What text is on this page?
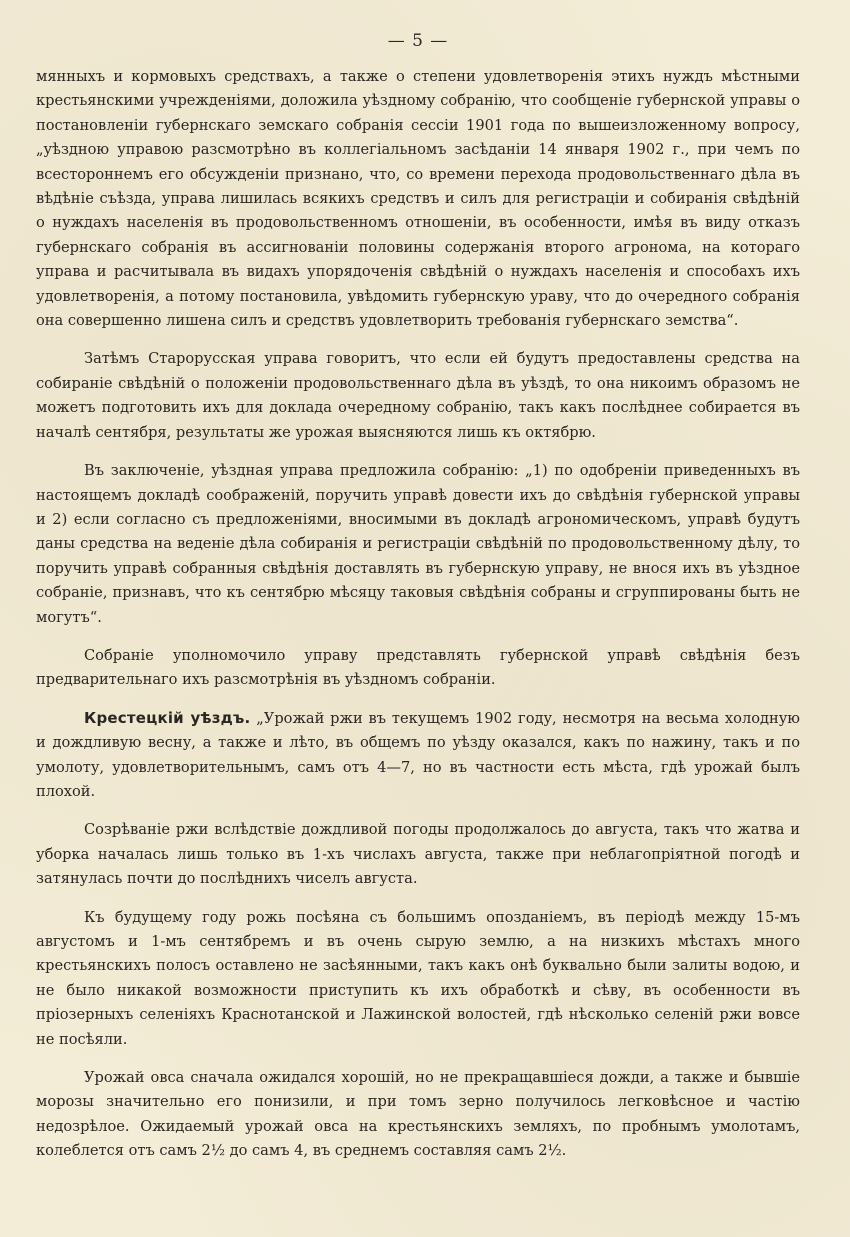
— 5 —

мянныхъ и кормовыхъ средствахъ, а также о степени удовлетворенія этихъ нуждъ мѣстными крестьянскими учрежденіями, доложила уѣздному собранію, что сообщеніе губернской управы о постановленіи губернскаго земскаго собранія сессіи 1901 года по вышеизложенному вопросу, „уѣздною управою разсмотрѣно въ коллегіальномъ засѣданіи 14 января 1902 г., при чемъ по всестороннемъ его обсужденіи признано, что, со времени перехода продовольственнаго дѣла въ вѣдѣніе съѣзда, управа лишилась всякихъ средствъ и силъ для регистраціи и собиранія свѣдѣній о нуждахъ населенія въ продовольственномъ отношеніи, въ особенности, имѣя въ виду отказъ губернскаго собранія въ ассигнованіи половины содержанія второго агронома, на котораго управа и расчитывала въ видахъ упорядоченія свѣдѣній о нуждахъ населенія и способахъ ихъ удовлетворенія, а потому постановила, увѣдомить губернскую ураву, что до очередного собранія она совершенно лишена силъ и средствъ удовлетворить требованія губернскаго земства“.

Затѣмъ Старорусская управа говоритъ, что если ей будутъ предоставлены средства на собираніе свѣдѣній о положеніи продовольственнаго дѣла въ уѣздѣ, то она никоимъ образомъ не можетъ подготовить ихъ для доклада очередному собранію, такъ какъ послѣднее собирается въ началѣ сентября, результаты же урожая выясняются лишь къ октябрю.

Въ заключеніе, уѣздная управа предложила собранію: „1) по одобреніи приведенныхъ въ настоящемъ докладѣ соображеній, поручить управѣ довести ихъ до свѣдѣнія губернской управы и 2) если согласно съ предложеніями, вносимыми въ докладѣ агрономическомъ, управѣ будутъ даны средства на веденіе дѣла собиранія и регистраціи свѣдѣній по продовольственному дѣлу, то поручить управѣ собранныя свѣдѣнія доставлять въ губернскую управу, не внося ихъ въ уѣздное собраніе, признавъ, что къ сентябрю мѣсяцу таковыя свѣдѣнія собраны и сгруппированы быть не могутъ“.

Собраніе уполномочило управу представлять губернской управѣ свѣдѣнія безъ предварительнаго ихъ разсмотрѣнія въ уѣздномъ собраніи.

Крестецкій уѣздъ. „Урожай ржи въ текущемъ 1902 году, несмотря на весьма холодную и дождливую весну, а также и лѣто, въ общемъ по уѣзду оказался, какъ по нажину, такъ и по умолоту, удовлетворительнымъ, самъ отъ 4—7, но въ частности есть мѣста, гдѣ урожай былъ плохой.

Созрѣваніе ржи вслѣдствіе дождливой погоды продолжалось до августа, такъ что жатва и уборка началась лишь только въ 1-хъ числахъ августа, также при неблагопріятной погодѣ и затянулась почти до послѣднихъ чиселъ августа.

Къ будущему году рожь посѣяна съ большимъ опозданіемъ, въ періодѣ между 15-мъ августомъ и 1-мъ сентябремъ и въ очень сырую землю, а на низкихъ мѣстахъ много крестьянскихъ полосъ оставлено не засѣянными, такъ какъ онѣ буквально были залиты водою, и не было никакой возможности приступить къ ихъ обработкѣ и сѣву, въ особенности въ пріозерныхъ селеніяхъ Краснотанской и Лажинской волостей, гдѣ нѣсколько селеній ржи вовсе не посѣяли.

Урожай овса сначала ожидался хорошій, но не прекращавшіеся дожди, а также и бывшіе морозы значительно его понизили, и при томъ зерно получилось легковѣсное и частію недозрѣлое. Ожидаемый урожай овса на крестьянскихъ земляхъ, по пробнымъ умолотамъ, колеблется отъ самъ 2½ до самъ 4, въ среднемъ составляя самъ 2½.
